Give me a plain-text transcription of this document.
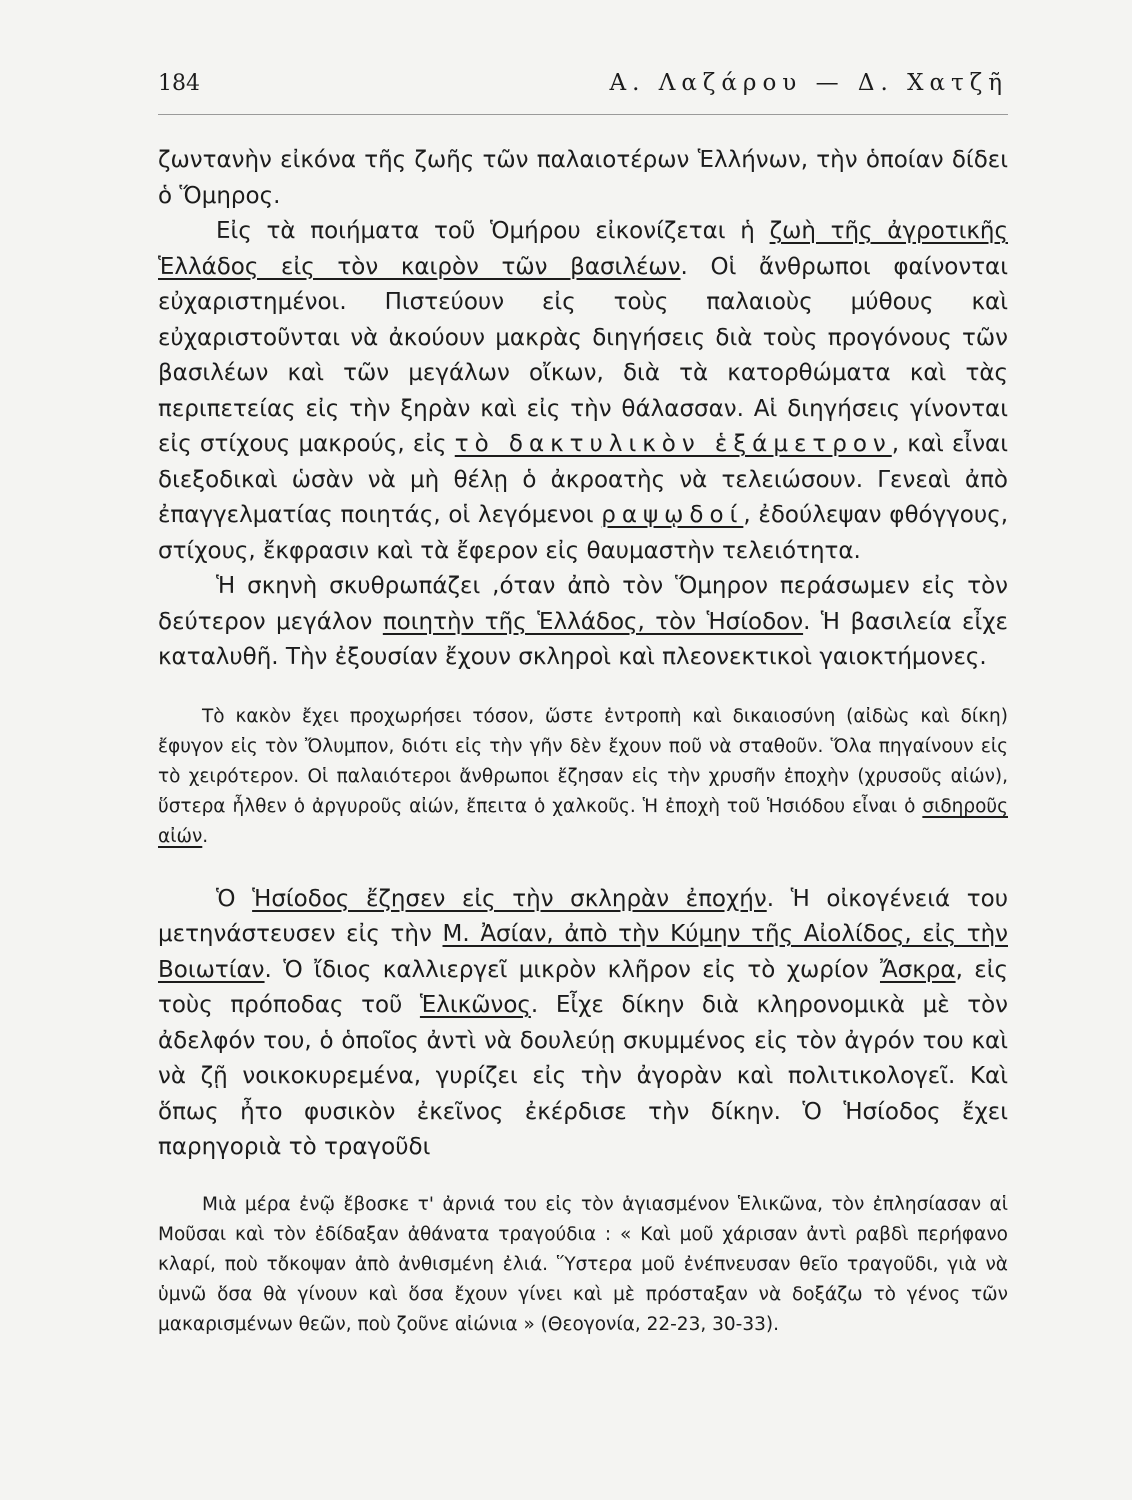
184	Α. Λαζάρου — Δ. Χατζῆ

ζωντανὴν εἰκόνα τῆς ζωῆς τῶν παλαιοτέρων Ἑλλήνων, τὴν ὁποίαν δίδει ὁ Ὅμηρος.

Εἰς τὰ ποιήματα τοῦ Ὁμήρου εἰκονίζεται ἡ ζωὴ τῆς ἀγροτικῆς Ἑλλάδος εἰς τὸν καιρὸν τῶν βασιλέων. Οἱ ἄνθρωποι φαίνονται εὐχαριστημένοι. Πιστεύουν εἰς τοὺς παλαιοὺς μύθους καὶ εὐχαριστοῦνται νὰ ἀκούουν μακρὰς διηγήσεις διὰ τοὺς προγόνους τῶν βασιλέων καὶ τῶν μεγάλων οἴκων, διὰ τὰ κατορθώματα καὶ τὰς περιπετείας εἰς τὴν ξηρὰν καὶ εἰς τὴν θάλασσαν. Αἱ διηγήσεις γίνονται εἰς στίχους μακρούς, εἰς τὸ δακτυλικὸν ἑξάμετρον, καὶ εἶναι διεξοδικαὶ ὡσὰν νὰ μὴ θέλῃ ὁ ἀκροατὴς νὰ τελειώσουν. Γενεαὶ ἀπὸ ἐπαγγελματίας ποιητάς, οἱ λεγόμενοι ραψῳδοί, ἐδούλεψαν φθόγγους, στίχους, ἔκφρασιν καὶ τὰ ἔφερον εἰς θαυμαστὴν τελειότητα.

Ἡ σκηνὴ σκυθρωπάζει ,όταν ἀπὸ τὸν Ὅμηρον περάσωμεν εἰς τὸν δεύτερον μεγάλον ποιητὴν τῆς Ἑλλάδος, τὸν Ἡσίοδον. Ἡ βασιλεία εἶχε καταλυθῆ. Τὴν ἐξουσίαν ἔχουν σκληροὶ καὶ πλεονεκτικοὶ γαιοκτήμονες.

Τὸ κακὸν ἔχει προχωρήσει τόσον, ὥστε ἐντροπὴ καὶ δικαιοσύνη (αἰδὼς καὶ δίκη) ἔφυγον εἰς τὸν Ὄλυμπον, διότι εἰς τὴν γῆν δὲν ἔχουν ποῦ νὰ σταθοῦν. Ὅλα πηγαίνουν εἰς τὸ χειρότερον. Οἱ παλαιότεροι ἄνθρωποι ἔζησαν εἰς τὴν χρυσῆν ἐποχὴν (χρυσοῦς αἰών), ὕστερα ἦλθεν ὁ ἀργυροῦς αἰών, ἔπειτα ὁ χαλκοῦς. Ἡ ἐποχὴ τοῦ Ἡσιόδου εἶναι ὁ σιδηροῦς αἰών.

Ὁ Ἡσίοδος ἔζησεν εἰς τὴν σκληρὰν ἐποχήν. Ἡ οἰκογένειά του μετηνάστευσεν εἰς τὴν Μ. Ἀσίαν, ἀπὸ τὴν Κύμην τῆς Αἰολίδος, εἰς τὴν Βοιωτίαν. Ὁ ἴδιος καλλιεργεῖ μικρὸν κλῆρον εἰς τὸ χωρίον Ἄσκρα, εἰς τοὺς πρόποδας τοῦ Ἑλικῶνος. Εἶχε δίκην διὰ κληρονομικὰ μὲ τὸν ἀδελφόν του, ὁ ὁποῖος ἀντὶ νὰ δουλεύῃ σκυμμένος εἰς τὸν ἀγρόν του καὶ νὰ ζῇ νοικοκυρεμένα, γυρίζει εἰς τὴν ἀγορὰν καὶ πολιτικολογεῖ. Καὶ ὅπως ἦτο φυσικὸν ἐκεῖνος ἐκέρδισε τὴν δίκην. Ὁ Ἡσίοδος ἔχει παρηγοριὰ τὸ τραγοῦδι

Μιὰ μέρα ἐνῷ ἔβοσκε τ' ἀρνιά του εἰς τὸν ἁγιασμένον Ἑλικῶνα, τὸν ἐπλησίασαν αἱ Μοῦσαι καὶ τὸν ἐδίδαξαν ἀθάνατα τραγούδια : « Καὶ μοῦ χάρισαν ἀντὶ ραβδὶ περήφανο κλαρί, ποὺ τὄκοψαν ἀπὸ ἀνθισμένη ἐλιά. Ὕστερα μοῦ ἐνέπνευσαν θεῖο τραγοῦδι, γιὰ νὰ ὑμνῶ ὅσα θὰ γίνουν καὶ ὅσα ἔχουν γίνει καὶ μὲ πρόσταξαν νὰ δοξάζω τὸ γένος τῶν μακαρισμένων θεῶν, ποὺ ζοῦνε αἰώνια » (Θεογονία, 22-23, 30-33).
